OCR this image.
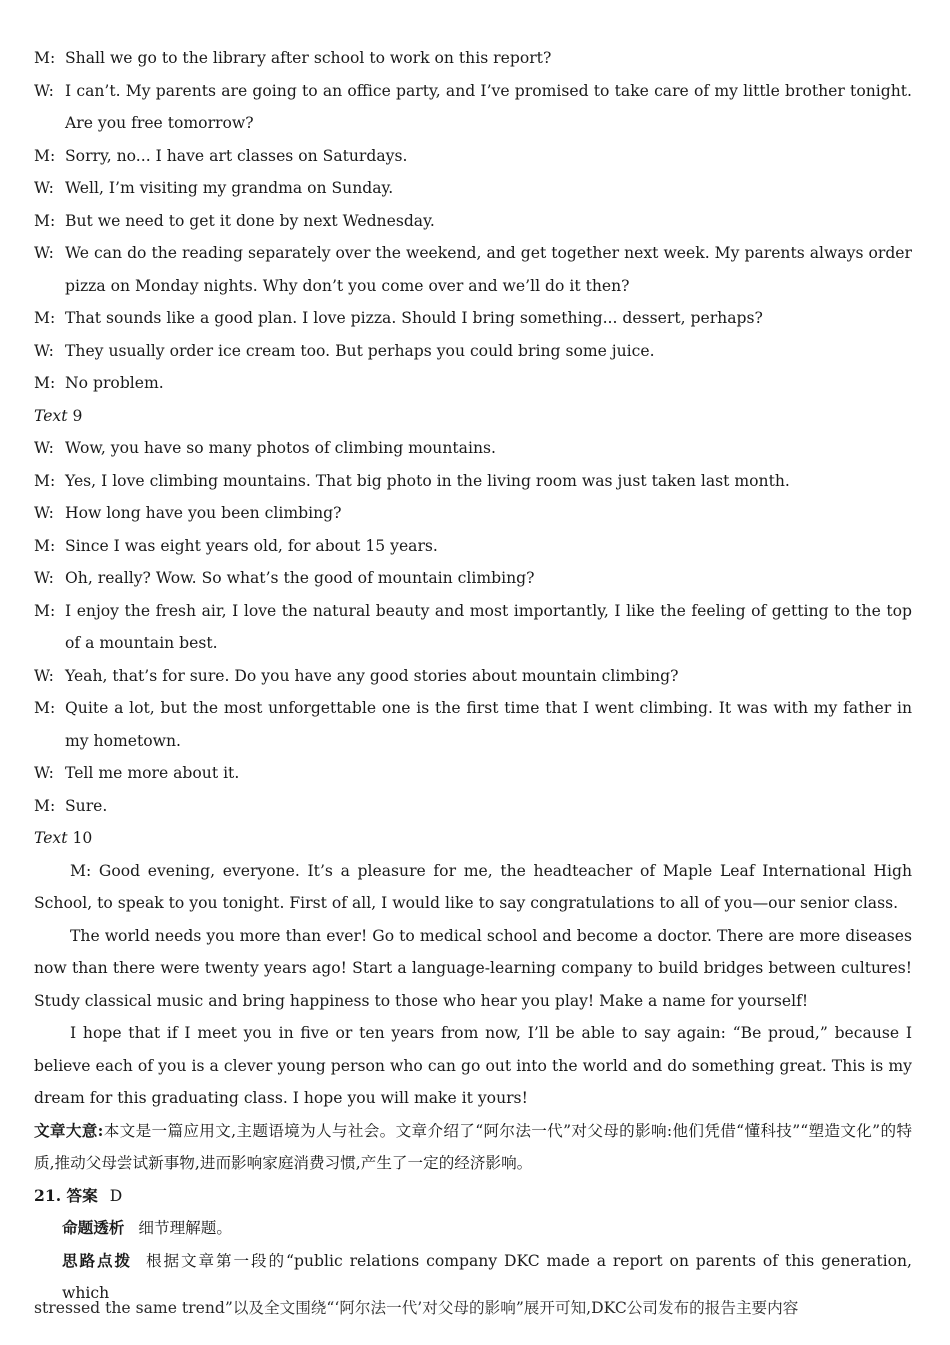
M: Shall we go to the library after school to work on this report?
W: I can’t. My parents are going to an office party, and I’ve promised to take care of my little brother tonight. Are you free tomorrow?
M: Sorry, no... I have art classes on Saturdays.
W: Well, I’m visiting my grandma on Sunday.
M: But we need to get it done by next Wednesday.
W: We can do the reading separately over the weekend, and get together next week. My parents always order pizza on Monday nights. Why don’t you come over and we’ll do it then?
M: That sounds like a good plan. I love pizza. Should I bring something... dessert, perhaps?
W: They usually order ice cream too. But perhaps you could bring some juice.
M: No problem.
Text 9
W: Wow, you have so many photos of climbing mountains.
M: Yes, I love climbing mountains. That big photo in the living room was just taken last month.
W: How long have you been climbing?
M: Since I was eight years old, for about 15 years.
W: Oh, really? Wow. So what’s the good of mountain climbing?
M: I enjoy the fresh air, I love the natural beauty and most importantly, I like the feeling of getting to the top of a mountain best.
W: Yeah, that’s for sure. Do you have any good stories about mountain climbing?
M: Quite a lot, but the most unforgettable one is the first time that I went climbing. It was with my father in my hometown.
W: Tell me more about it.
M: Sure.
Text 10
M: Good evening, everyone. It’s a pleasure for me, the headteacher of Maple Leaf International High School, to speak to you tonight. First of all, I would like to say congratulations to all of you—our senior class.
The world needs you more than ever! Go to medical school and become a doctor. There are more diseases now than there were twenty years ago! Start a language-learning company to build bridges between cultures! Study classical music and bring happiness to those who hear you play! Make a name for yourself!
I hope that if I meet you in five or ten years from now, I’ll be able to say again: “Be proud,” because I believe each of you is a clever young person who can go out into the world and do something great. This is my dream for this graduating class. I hope you will make it yours!
文章大意:本文是一篇应用文,主题语境为人与社会。文章介绍了“阿尔法一代”对父母的影响:他们凭借“懂科技”“塑造文化”的特质,推动父母尝试新事物,进而影响家庭消费习惯,产生了一定的经济影响。
21. 答案 D
命题透析 细节理解题。
思路点拨 根据文章第一段的“public relations company DKC made a report on parents of this generation, which
stressed the same trend”以及全文围绕“‘阿尔法一代’对父母的影响”展开可知,DKC公司发布的报告主要内容
